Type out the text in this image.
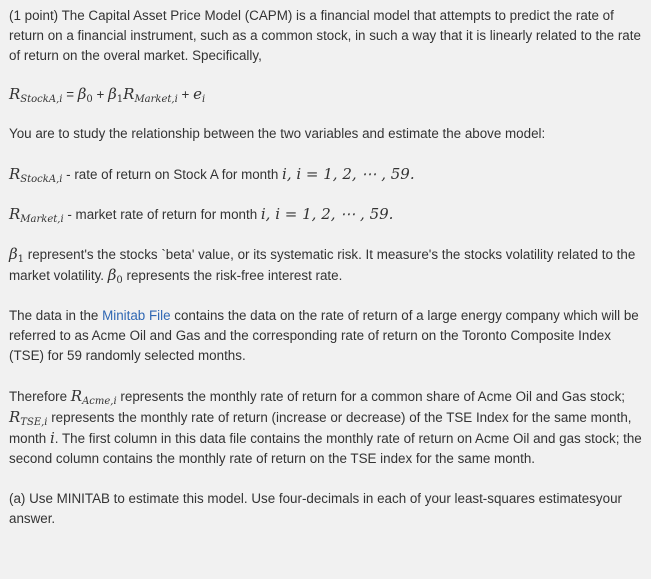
(1 point) The Capital Asset Price Model (CAPM) is a financial model that attempts to predict the rate of return on a financial instrument, such as a common stock, in such a way that it is linearly related to the rate of return on the overal market. Specifically,

$R_{StockA,i} = \beta_0 + \beta_1R_{Market,i} + e_i$

You are to study the relationship between the two variables and estimate the above model:

$R_{StockA,i}$ - rate of return on Stock A for month i, i = 1, 2, ⋯ , 59.

$R_{Market,i}$ - market rate of return for month i, i = 1, 2, ⋯ , 59.

$\beta_1$ represent's the stocks `beta' value, or its systematic risk. It measure's the stocks volatility related to the market volatility. $\beta_0$ represents the risk-free interest rate.

The data in the Minitab File contains the data on the rate of return of a large energy company which will be referred to as Acme Oil and Gas and the corresponding rate of return on the Toronto Composite Index (TSE) for 59 randomly selected months.

Therefore $R_{Acme,i}$ represents the monthly rate of return for a common share of Acme Oil and Gas stock; $R_{TSE,i}$ represents the monthly rate of return (increase or decrease) of the TSE Index for the same month, month i. The first column in this data file contains the monthly rate of return on Acme Oil and gas stock; the second column contains the monthly rate of return on the TSE index for the same month.

(a) Use MINITAB to estimate this model. Use four-decimals in each of your least-squares estimatesyour answer.
